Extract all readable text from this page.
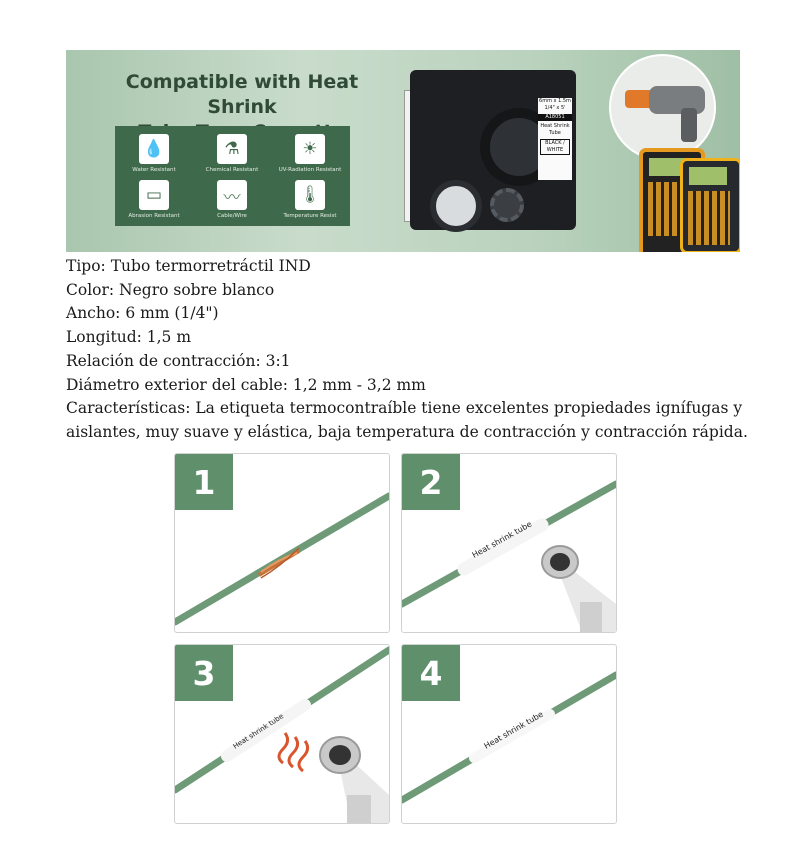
Compatible with Heat Shrink
💧
Water Resistant
⚗
Chemical Resistant
☀
UV-Radiation Resistant
▭
Abrasion Resistant
〰
Cable/Wire
🌡
Temperature Resist
6mm x 1.5m
1/4" x 5'
A18051
Heat Shrink Tube
BLACK / WHITE

Tipo: Tubo termorretráctil IND

Color: Negro sobre blanco

Ancho: 6 mm (1/4")

Longitud: 1,5 m

Relación de contracción: 3:1

Diámetro exterior del cable: 1,2 mm - 3,2 mm

Características: La etiqueta termocontraíble tiene excelentes propiedades ignífugas y aislantes, muy suave y elástica, baja temperatura de contracción y contracción rápida.

1
Heat shrink tube
2
Heat shrink tube
3
Heat shrink tube
4
